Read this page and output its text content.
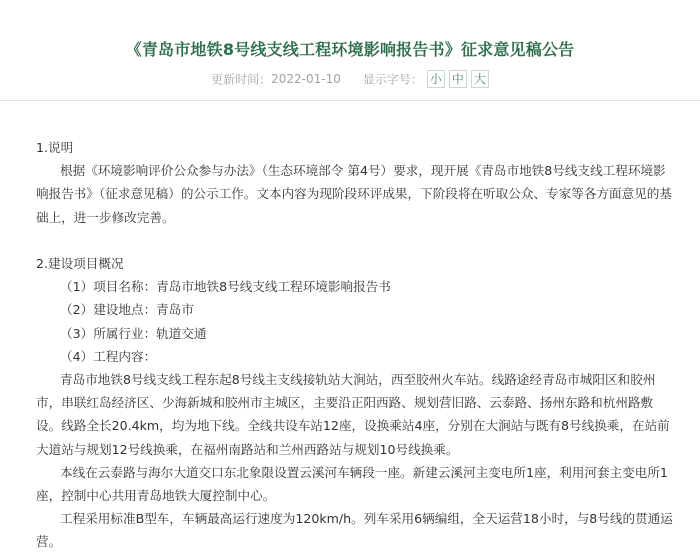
《青岛市地铁8号线支线工程环境影响报告书》征求意见稿公告
更新时间：2022-01-10 显示字号： 小 中 大

1.说明

根据《环境影响评价公众参与办法》（生态环境部令 第4号）要求，现开展《青岛市地铁8号线支线工程环境影响报告书》（征求意见稿）的公示工作。文本内容为现阶段环评成果，下阶段将在听取公众、专家等各方面意见的基础上，进一步修改完善。

2.建设项目概况

（1）项目名称：青岛市地铁8号线支线工程环境影响报告书

（2）建设地点：青岛市

（3）所属行业：轨道交通

（4）工程内容：

青岛市地铁8号线支线工程东起8号线主支线接轨站大涧站，西至胶州火车站。线路途经青岛市城阳区和胶州市，串联红岛经济区、少海新城和胶州市主城区，主要沿正阳西路、规划营旧路、云泰路、扬州东路和杭州路敷设。线路全长20.4km，均为地下线。全线共设车站12座，设换乘站4座，分别在大涧站与既有8号线换乘，在站前大道站与规划12号线换乘，在福州南路站和兰州西路站与规划10号线换乘。

本线在云泰路与海尔大道交口东北象限设置云溪河车辆段一座。新建云溪河主变电所1座，利用河套主变电所1座，控制中心共用青岛地铁大厦控制中心。

工程采用标准B型车，车辆最高运行速度为120km/h。列车采用6辆编组，全天运营18小时，与8号线的贯通运营。
